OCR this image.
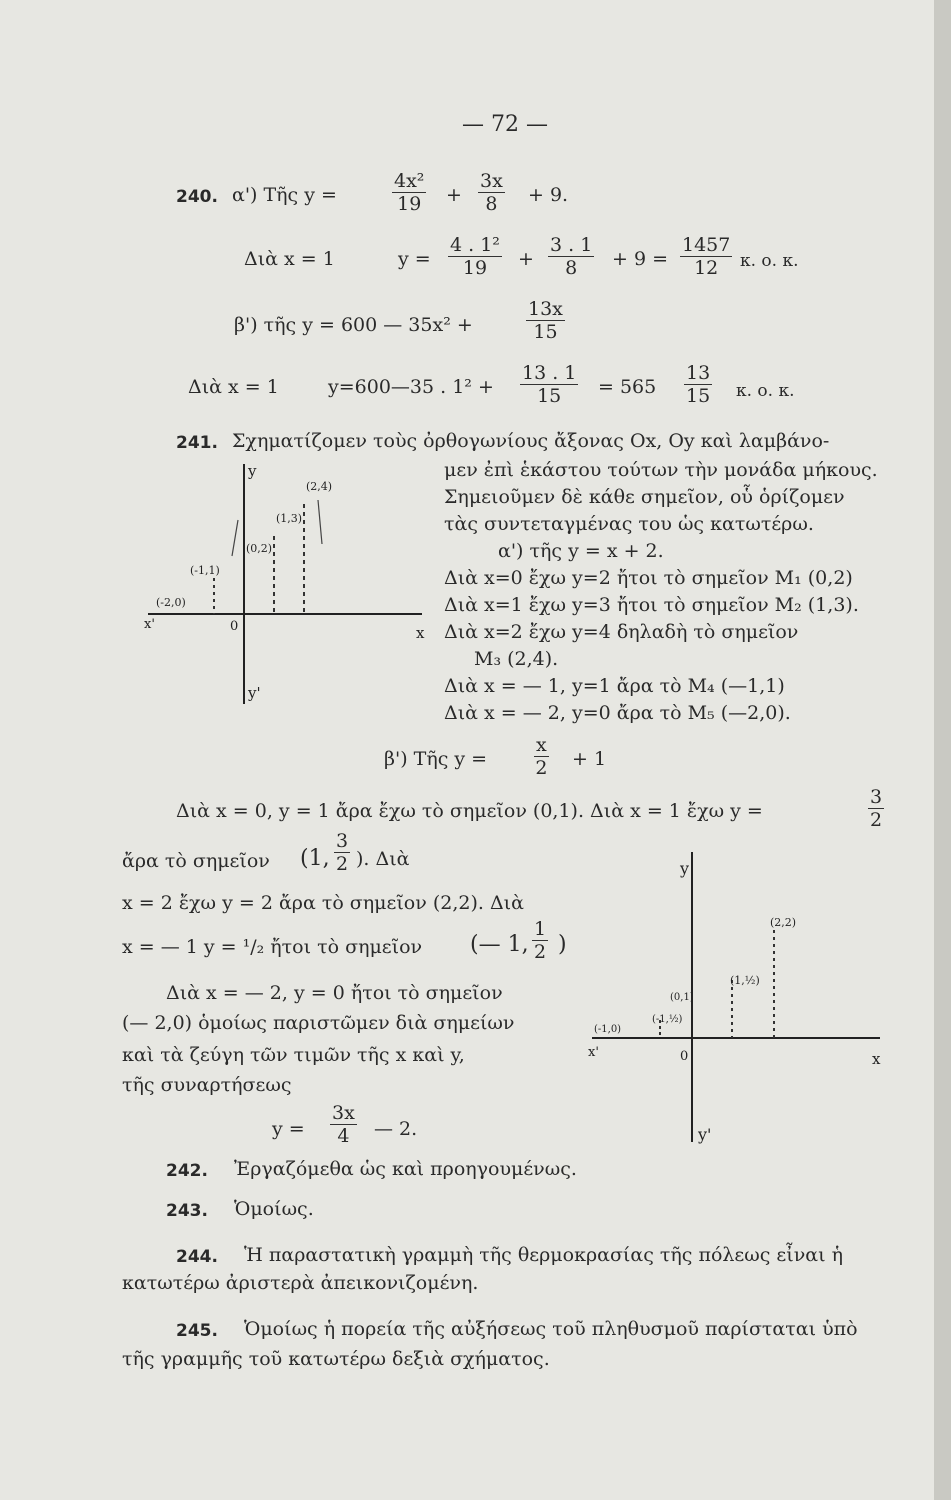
— 72 —
240. α') Τῆς y =	$\frac{\text{4x²}}{19} + \frac{3x}{8} + 9$.
Διὰ x = 1	$y = \frac{\text{4 . 1²}}{19} + \frac{3 . 1}{8} + 9 = \frac{1457}{12} \kappa$. ο. κ.
β') τῆς y = 600 — 35x² +	$\frac{13x}{15}$
Διὰ x = 1	y=600—35 . $1^2 + \frac{13 . 1}{15} = 565 \frac{13}{15} \kappa$. ο. κ.
241. Σχηματίζομεν τοὺς ὀρθογωνίους ἄξονας Ox, Oy καὶ λαμβάνο-
μεν ἐπὶ ἑκάστου τούτων τὴν μονάδα μήκους.
Σημειοῦμεν δὲ κάθε σημεῖον, οὗ ὁρίζομεν
τὰς συντεταγμένας του ὡς κατωτέρω.
α') τῆς y = x + 2.
Διὰ x=0 ἔχω y=2 ἤτοι τὸ σημεῖον M₁ (0,2)
Διὰ x=1 ἔχω y=3 ἤτοι τὸ σημεῖον M₂ (1,3).
Διὰ x=2 ἔχω y=4 δηλαδὴ τὸ σημεῖον
M₃ (2,4).
Διὰ x = — 1, y=1 ἄρα τὸ M₄ (—1,1)
Διὰ x = — 2, y=0 ἄρα τὸ M₅ (—2,0).
y
y'
x
x'	0
(2,4)
(1,3)
(0,2)
(-1,1)
(-2,0)
β') Τῆς $y = \frac{x}{2} + 1$
Διὰ x = 0, y = 1 ἄρα ἔχω τὸ σημεῖον (0,1). Διὰ x = 1 ἔχω y =	$\frac{3}{2}$
ἄρα τὸ σημεῖον (1, $\frac{3}{2}$ ). Διὰ
x = 2 ἔχω y = 2 ἄρα τὸ σημεῖον (2,2). Διὰ
x = — 1 y = ¹/₂ ἤτοι τὸ σημεῖον (— 1, $\frac{1}{2}$ )
Διὰ x = — 2, y = 0 ἤτοι τὸ σημεῖον
(— 2,0) ὁμοίως παριστῶμεν διὰ σημείων
καὶ τὰ ζεύγη τῶν τιμῶν τῆς x καὶ y,
τῆς συναρτήσεως
$y = \frac{3x}{4}$ — 2.
y
y'
x
x'	0
(2,2)
(1,½)
(0,1)
(-1,½)
(-1,0)
242. Ἐργαζόμεθα ὡς καὶ προηγουμένως.
243. Ὁμοίως.
244. Ἡ παραστατικὴ γραμμὴ τῆς θερμοκρασίας τῆς πόλεως εἶναι ἡ
κατωτέρω ἀριστερὰ ἀπεικονιζομένη.
245. Ὁμοίως ἡ πορεία τῆς αὐξήσεως τοῦ πληθυσμοῦ παρίσταται ὑπὸ
τῆς γραμμῆς τοῦ κατωτέρω δεξιὰ σχήματος.
